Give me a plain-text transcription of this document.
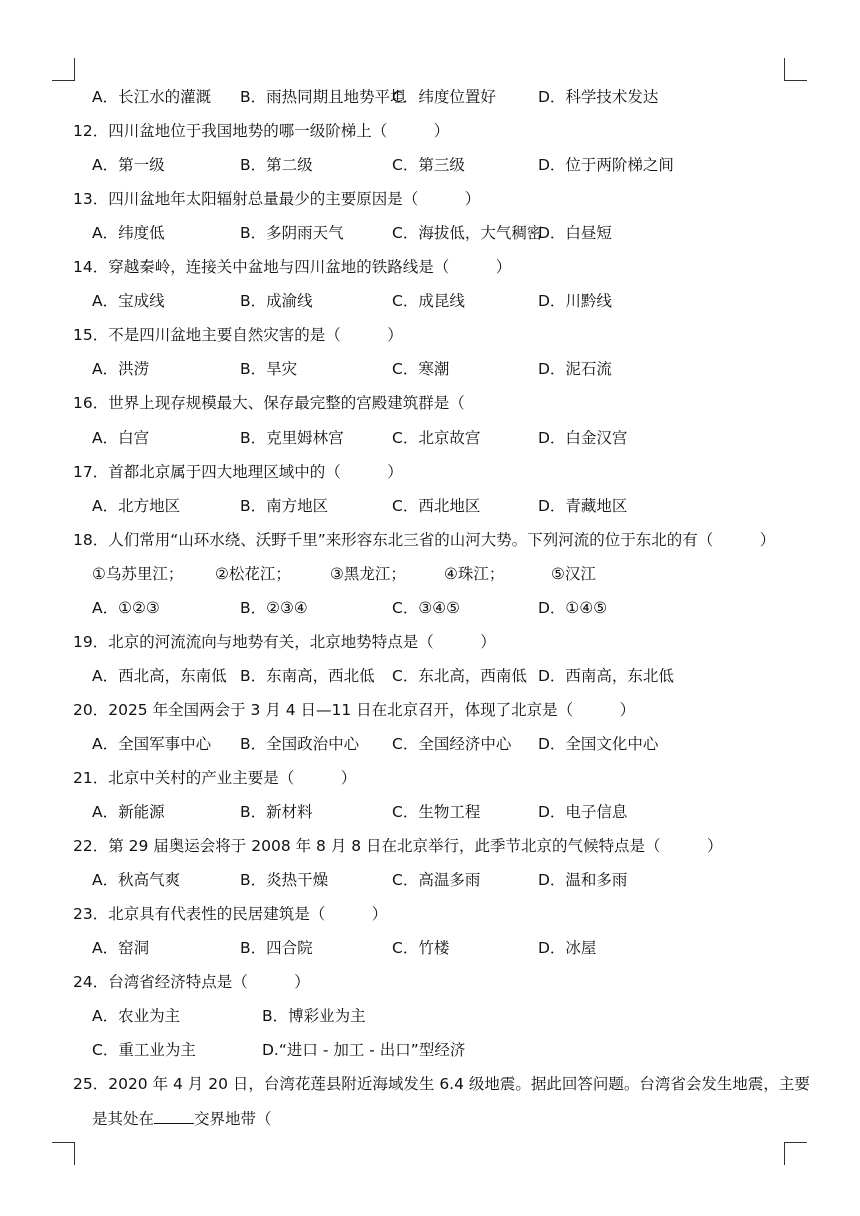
A．长江水的灌溉 B．雨热同期且地势平坦
C．纬度位置好	D．科学技术发达
12．四川盆地位于我国地势的哪一级阶梯上（　　　）
A．第一级	B．第二级	C．第三级	D．位于两阶梯之间
13．四川盆地年太阳辐射总量最少的主要原因是（　　　）
A．纬度低	B．多阴雨天气	C．海拔低，大气稠密
D．白昼短
14．穿越秦岭，连接关中盆地与四川盆地的铁路线是（　　　）
A．宝成线	B．成渝线	C．成昆线	D．川黔线
15．不是四川盆地主要自然灾害的是（　　　）
A．洪涝	B．旱灾	C．寒潮	D．泥石流
16．世界上现存规模最大、保存最完整的宫殿建筑群是（
A．白宫	B．克里姆林宫	C．北京故宫	D．白金汉宫
17．首都北京属于四大地理区域中的（　　　）
A．北方地区	B．南方地区	C．西北地区	D．青藏地区
18．人们常用“山环水绕、沃野千里”来形容东北三省的山河大势。下列河流的位于东北的有（　　　）
①乌苏里江； ②松花江；	③黑龙江； ④珠江；	⑤汉江
A．①②③	B．②③④	C．③④⑤	D．①④⑤
19．北京的河流流向与地势有关，北京地势特点是（　　　）
A．西北高，东南低 B．东南高，西北低 C．东北高，西南低 D．西南高，东北低
20．2025 年全国两会于 3 月 4 日—11 日在北京召开，体现了北京是（　　　）
A．全国军事中心 B．全国政治中心 C．全国经济中心 D．全国文化中心
21．北京中关村的产业主要是（　　　）
A．新能源	B．新材料	C．生物工程	D．电子信息
22．第 29 届奥运会将于 2008 年 8 月 8 日在北京举行，此季节北京的气候特点是（　　　）
A．秋高气爽	B．炎热干燥	C．高温多雨	D．温和多雨
23．北京具有代表性的民居建筑是（　　　）
A．窑洞	B．四合院	C．竹楼	D．冰屋
24．台湾省经济特点是（　　　）
A．农业为主	B．博彩业为主
C．重工业为主	D.“进口 - 加工 - 出口”型经济
25．2020 年 4 月 20 日，台湾花莲县附近海域发生 6.4 级地震。据此回答问题。台湾省会发生地震，主要
是其处在	交界地带（
